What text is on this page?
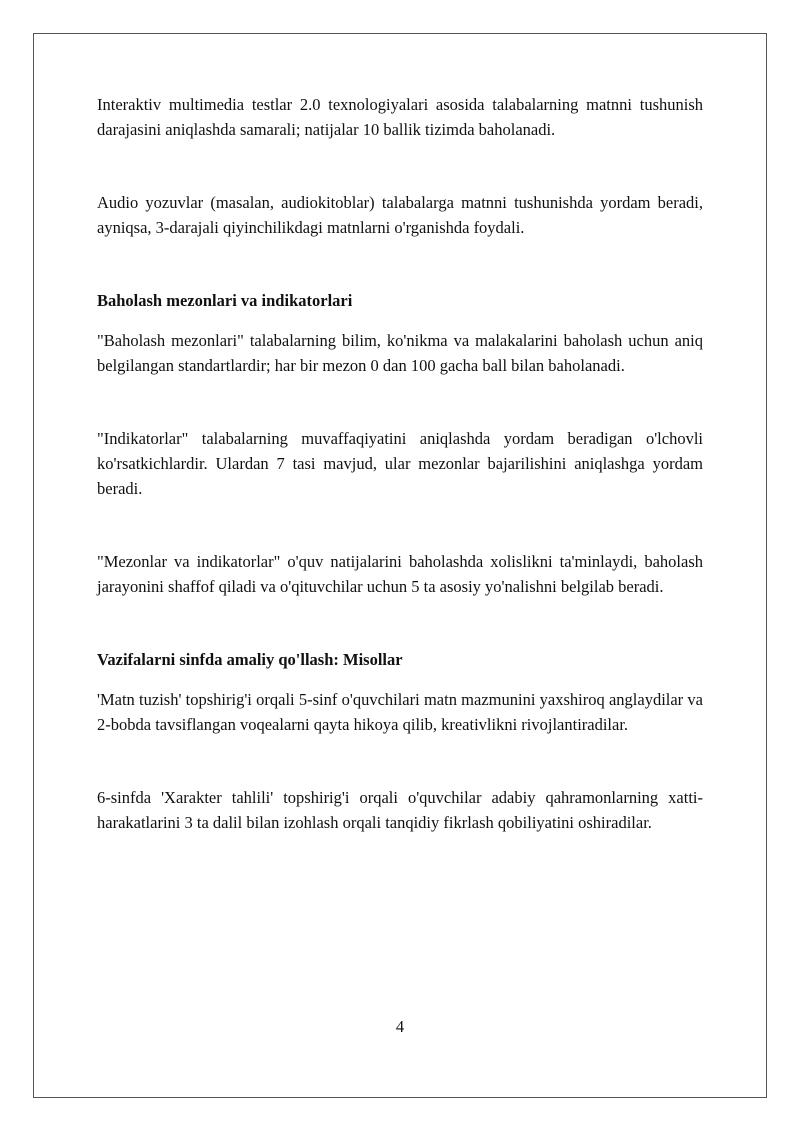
Interaktiv multimedia testlar 2.0 texnologiyalari asosida talabalarning matnni tushunish darajasini aniqlashda samarali; natijalar 10 ballik tizimda baholanadi.

Audio yozuvlar (masalan, audiokitoblar) talabalarga matnni tushunishda yordam beradi, ayniqsa, 3-darajali qiyinchilikdagi matnlarni o'rganishda foydali.

Baholash mezonlari va indikatorlari

"Baholash mezonlari" talabalarning bilim, ko'nikma va malakalarini baholash uchun aniq belgilangan standartlardir; har bir mezon 0 dan 100 gacha ball bilan baholanadi.

"Indikatorlar" talabalarning muvaffaqiyatini aniqlashda yordam beradigan o'lchovli ko'rsatkichlardir. Ulardan 7 tasi mavjud, ular mezonlar bajarilishini aniqlashga yordam beradi.

"Mezonlar va indikatorlar" o'quv natijalarini baholashda xolislikni ta'minlaydi, baholash jarayonini shaffof qiladi va o'qituvchilar uchun 5 ta asosiy yo'nalishni belgilab beradi.

Vazifalarni sinfda amaliy qo'llash: Misollar

'Matn tuzish' topshirig'i orqali 5-sinf o'quvchilari matn mazmunini yaxshiroq anglaydilar va 2-bobda tavsiflangan voqealarni qayta hikoya qilib, kreativlikni rivojlantiradilar.

6-sinfda 'Xarakter tahlili' topshirig'i orqali o'quvchilar adabiy qahramonlarning xatti-harakatlarini 3 ta dalil bilan izohlash orqali tanqidiy fikrlash qobiliyatini oshiradilar.

4
